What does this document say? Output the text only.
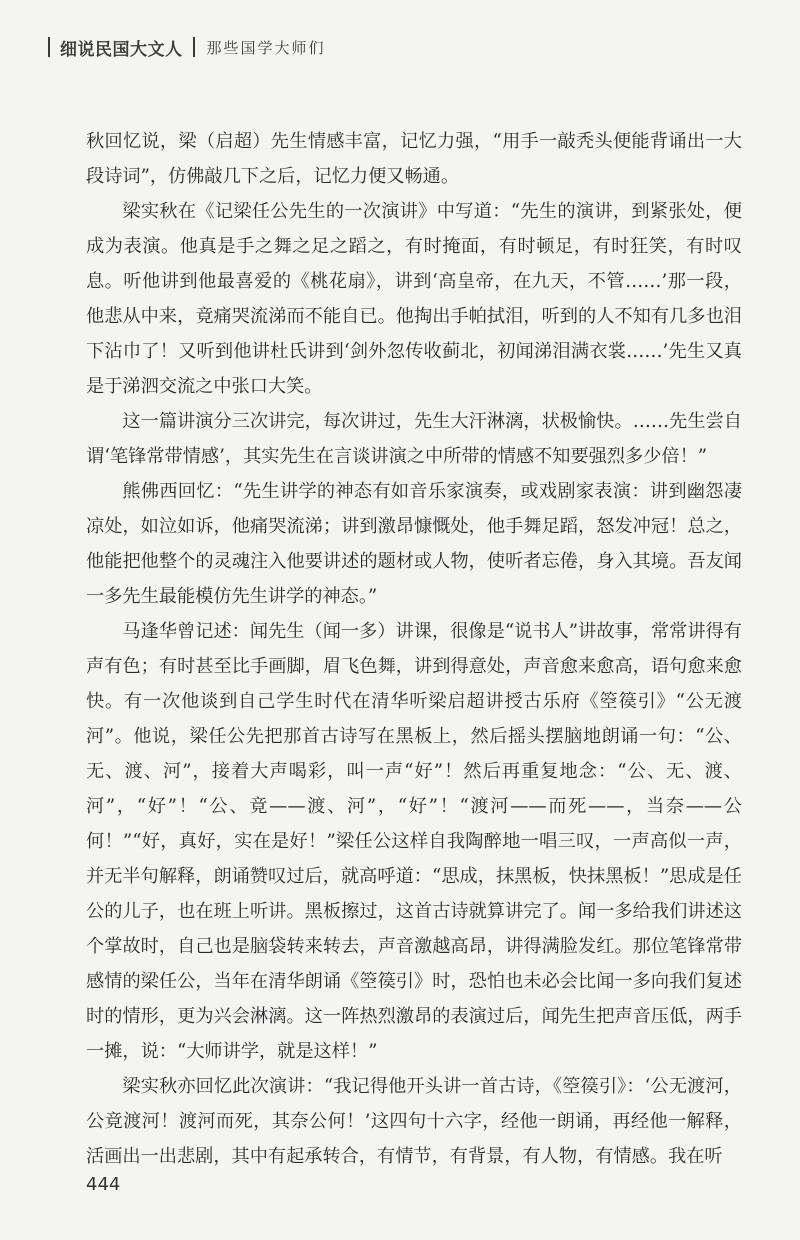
细说民国大文人 那些国学大师们

秋回忆说，梁（启超）先生情感丰富，记忆力强，“用手一敲秃头便能背诵出一大段诗词”，仿佛敲几下之后，记忆力便又畅通。

梁实秋在《记梁任公先生的一次演讲》中写道：“先生的演讲，到紧张处，便成为表演。他真是手之舞之足之蹈之，有时掩面，有时顿足，有时狂笑，有时叹息。听他讲到他最喜爱的《桃花扇》，讲到‘高皇帝，在九天，不管……’那一段，他悲从中来，竟痛哭流涕而不能自已。他掏出手帕拭泪，听到的人不知有几多也泪下沾巾了！又听到他讲杜氏讲到‘剑外忽传收蓟北，初闻涕泪满衣裳……’先生又真是于涕泗交流之中张口大笑。

这一篇讲演分三次讲完，每次讲过，先生大汗淋漓，状极愉快。……先生尝自谓‘笔锋常带情感’，其实先生在言谈讲演之中所带的情感不知要强烈多少倍！”

熊佛西回忆：“先生讲学的神态有如音乐家演奏，或戏剧家表演：讲到幽怨凄凉处，如泣如诉，他痛哭流涕；讲到激昂慷慨处，他手舞足蹈，怒发冲冠！总之，他能把他整个的灵魂注入他要讲述的题材或人物，使听者忘倦，身入其境。吾友闻一多先生最能模仿先生讲学的神态。”

马逢华曾记述：闻先生（闻一多）讲课，很像是“说书人”讲故事，常常讲得有声有色；有时甚至比手画脚，眉飞色舞，讲到得意处，声音愈来愈高，语句愈来愈快。有一次他谈到自己学生时代在清华听梁启超讲授古乐府《箜篌引》“公无渡河”。他说，梁任公先把那首古诗写在黑板上，然后摇头摆脑地朗诵一句：“公、无、渡、河”，接着大声喝彩，叫一声“好”！然后再重复地念：“公、无、渡、河”，“好”！“公、竟——渡、河”，“好”！“渡河——而死——，当奈——公何！”“好，真好，实在是好！”梁任公这样自我陶醉地一唱三叹，一声高似一声，并无半句解释，朗诵赞叹过后，就高呼道：“思成，抹黑板，快抹黑板！”思成是任公的儿子，也在班上听讲。黑板擦过，这首古诗就算讲完了。闻一多给我们讲述这个掌故时，自己也是脑袋转来转去，声音激越高昂，讲得满脸发红。那位笔锋常带感情的梁任公，当年在清华朗诵《箜篌引》时，恐怕也未必会比闻一多向我们复述时的情形，更为兴会淋漓。这一阵热烈激昂的表演过后，闻先生把声音压低，两手一摊，说：“大师讲学，就是这样！”

梁实秋亦回忆此次演讲：“我记得他开头讲一首古诗，《箜篌引》：‘公无渡河，公竟渡河！渡河而死，其奈公何！’这四句十六字，经他一朗诵，再经他一解释，活画出一出悲剧，其中有起承转合，有情节，有背景，有人物，有情感。我在听

444
